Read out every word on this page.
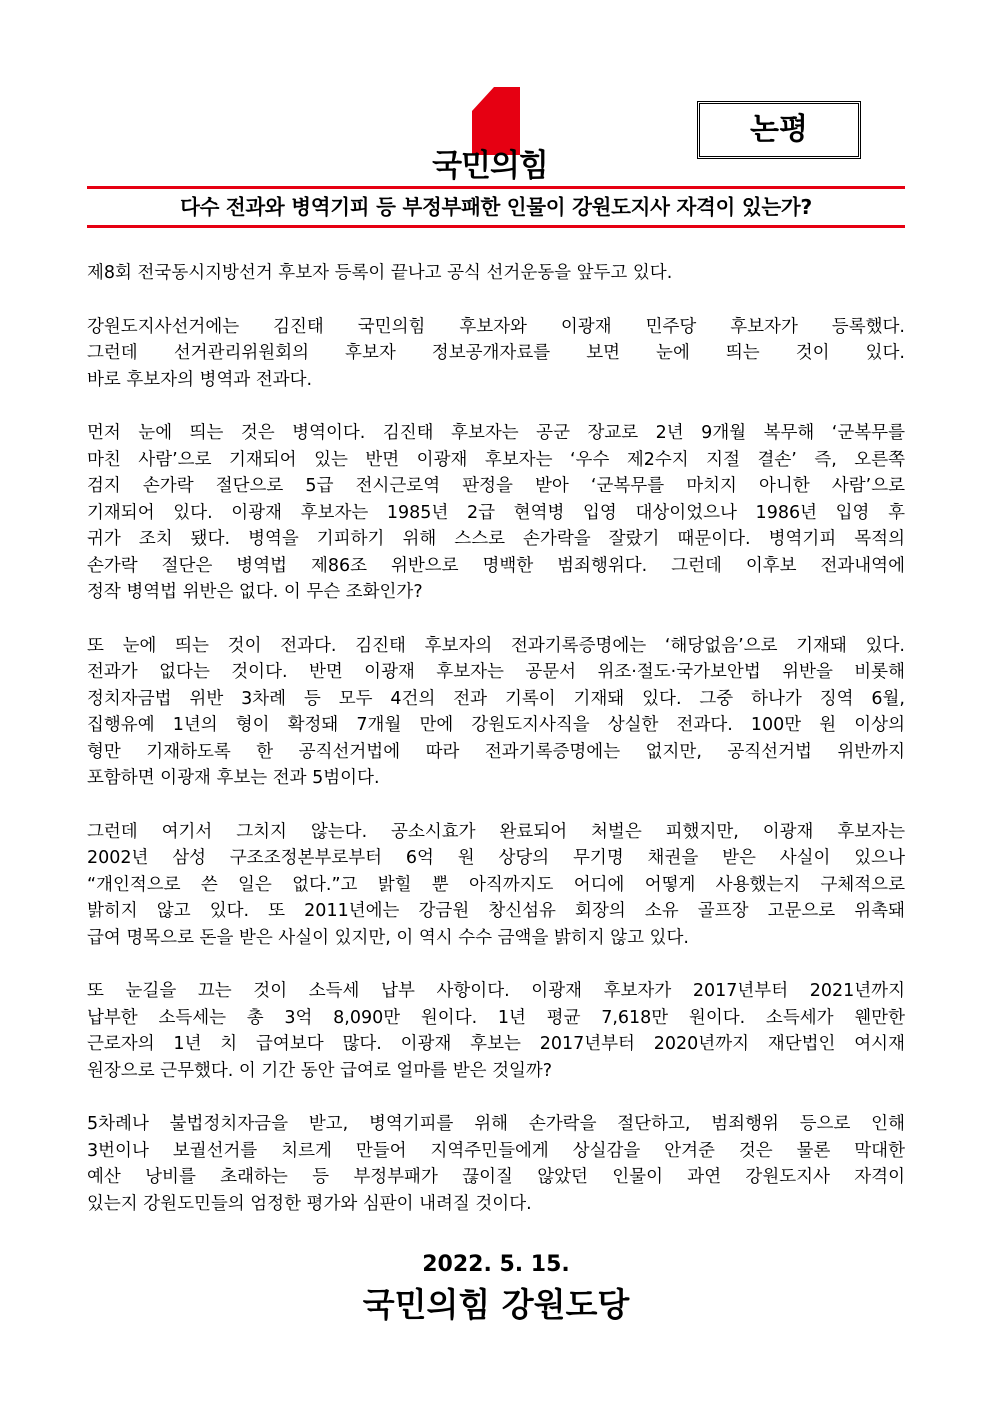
국민의힘
논평
다수 전과와 병역기피 등 부정부패한 인물이 강원도지사 자격이 있는가?
제8회 전국동시지방선거 후보자 등록이 끝나고 공식 선거운동을 앞두고 있다.
강원도지사선거에는 김진태 국민의힘 후보자와 이광재 민주당 후보자가 등록했다.
그런데 선거관리위원회의 후보자 정보공개자료를 보면 눈에 띄는 것이 있다.
바로 후보자의 병역과 전과다.
먼저 눈에 띄는 것은 병역이다. 김진태 후보자는 공군 장교로 2년 9개월 복무해 ‘군복무를
마친 사람’으로 기재되어 있는 반면 이광재 후보자는 ‘우수 제2수지 지절 결손’ 즉, 오른쪽
검지 손가락 절단으로 5급 전시근로역 판정을 받아 ‘군복무를 마치지 아니한 사람’으로
기재되어 있다. 이광재 후보자는 1985년 2급 현역병 입영 대상이었으나 1986년 입영 후
귀가 조치 됐다. 병역을 기피하기 위해 스스로 손가락을 잘랐기 때문이다. 병역기피 목적의
손가락 절단은 병역법 제86조 위반으로 명백한 범죄행위다. 그런데 이후보 전과내역에
정작 병역법 위반은 없다. 이 무슨 조화인가?
또 눈에 띄는 것이 전과다. 김진태 후보자의 전과기록증명에는 ‘해당없음’으로 기재돼 있다.
전과가 없다는 것이다. 반면 이광재 후보자는 공문서 위조·절도·국가보안법 위반을 비롯해
정치자금법 위반 3차례 등 모두 4건의 전과 기록이 기재돼 있다. 그중 하나가 징역 6월,
집행유예 1년의 형이 확정돼 7개월 만에 강원도지사직을 상실한 전과다. 100만 원 이상의
형만 기재하도록 한 공직선거법에 따라 전과기록증명에는 없지만, 공직선거법 위반까지
포함하면 이광재 후보는 전과 5범이다.
그런데 여기서 그치지 않는다. 공소시효가 완료되어 처벌은 피했지만, 이광재 후보자는
2002년 삼성 구조조정본부로부터 6억 원 상당의 무기명 채권을 받은 사실이 있으나
“개인적으로 쓴 일은 없다.”고 밝힐 뿐 아직까지도 어디에 어떻게 사용했는지 구체적으로
밝히지 않고 있다. 또 2011년에는 강금원 창신섬유 회장의 소유 골프장 고문으로 위촉돼
급여 명목으로 돈을 받은 사실이 있지만, 이 역시 수수 금액을 밝히지 않고 있다.
또 눈길을 끄는 것이 소득세 납부 사항이다. 이광재 후보자가 2017년부터 2021년까지
납부한 소득세는 총 3억 8,090만 원이다. 1년 평균 7,618만 원이다. 소득세가 웬만한
근로자의 1년 치 급여보다 많다. 이광재 후보는 2017년부터 2020년까지 재단법인 여시재
원장으로 근무했다. 이 기간 동안 급여로 얼마를 받은 것일까?
5차례나 불법정치자금을 받고, 병역기피를 위해 손가락을 절단하고, 범죄행위 등으로 인해
3번이나 보궐선거를 치르게 만들어 지역주민들에게 상실감을 안겨준 것은 물론 막대한
예산 낭비를 초래하는 등 부정부패가 끊이질 않았던 인물이 과연 강원도지사 자격이
있는지 강원도민들의 엄정한 평가와 심판이 내려질 것이다.
2022. 5. 15.
국민의힘 강원도당
